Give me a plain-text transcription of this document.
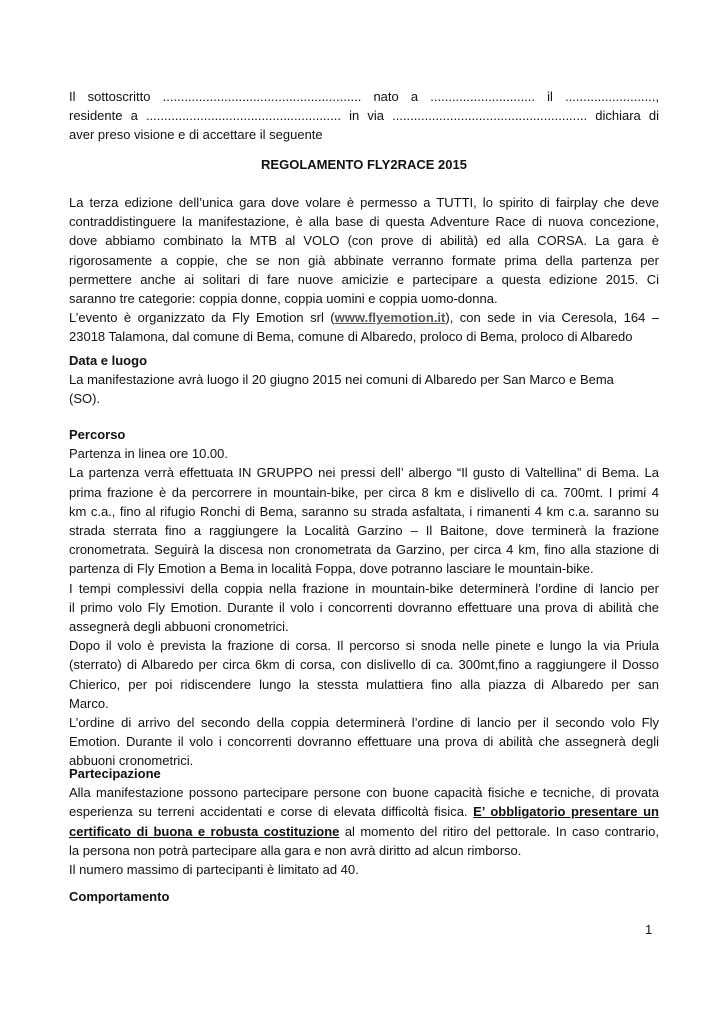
Il sottoscritto ....................................................... nato a ............................. il .........................,
residente a ...................................................... in via ...................................................... dichiara di
aver preso visione e di accettare il seguente
REGOLAMENTO FLY2RACE 2015
La terza edizione dell’unica gara dove volare è permesso a TUTTI, lo spirito di fairplay che deve
contraddistinguere la manifestazione, è alla base di questa Adventure Race di nuova concezione,
dove abbiamo combinato la MTB al VOLO (con prove di abilità) ed alla CORSA. La gara è
rigorosamente a coppie, che se non già abbinate verranno formate prima della partenza per
permettere anche ai solitari di fare nuove amicizie e partecipare a questa edizione 2015. Ci
saranno tre categorie: coppia donne, coppia uomini e coppia uomo-donna.
L’evento è organizzato da Fly Emotion srl (www.flyemotion.it), con sede in via Ceresola, 164 –
23018 Talamona, dal comune di Bema, comune di Albaredo, proloco di Bema, proloco di Albaredo
Data e luogo
La manifestazione avrà luogo il 20 giugno 2015 nei comuni di Albaredo per San Marco e Bema
(SO).
Percorso
Partenza in linea ore 10.00.
La partenza verrà effettuata IN GRUPPO nei pressi dell’ albergo “Il gusto di Valtellina” di Bema. La
prima frazione è da percorrere in mountain-bike, per circa 8 km e dislivello di ca. 700mt. I primi 4
km c.a., fino al rifugio Ronchi di Bema, saranno su strada asfaltata, i rimanenti 4 km c.a. saranno su
strada sterrata fino a raggiungere la Località Garzino – Il Baitone, dove terminerà la frazione
cronometrata. Seguirà la discesa non cronometrata da Garzino, per circa 4 km, fino alla stazione di
partenza di Fly Emotion a Bema in località Foppa, dove potranno lasciare le mountain-bike.
I tempi complessivi della coppia nella frazione in mountain-bike determinerà l’ordine di lancio per
il primo volo Fly Emotion. Durante il volo i concorrenti dovranno effettuare una prova di abilità che
assegnerà degli abbuoni cronometrici.
Dopo il volo è prevista la frazione di corsa. Il percorso si snoda nelle pinete e lungo la via Priula
(sterrato) di Albaredo per circa 6km di corsa, con dislivello di ca. 300mt,fino a raggiungere il Dosso
Chierico, per poi ridiscendere lungo la stessta mulattiera fino alla piazza di Albaredo per san
Marco.
L’ordine di arrivo del secondo della coppia determinerà l’ordine di lancio per il secondo volo Fly
Emotion. Durante il volo i concorrenti dovranno effettuare una prova di abilità che assegnerà degli
abbuoni cronometrici.
Partecipazione
Alla manifestazione possono partecipare persone con buone capacità fisiche e tecniche, di provata
esperienza su terreni accidentati e corse di elevata difficoltà fisica. E’ obbligatorio presentare un
certificato di buona e robusta costituzione al momento del ritiro del pettorale. In caso contrario,
la persona non potrà partecipare alla gara e non avrà diritto ad alcun rimborso.
Il numero massimo di partecipanti è limitato ad 40.
Comportamento
1
